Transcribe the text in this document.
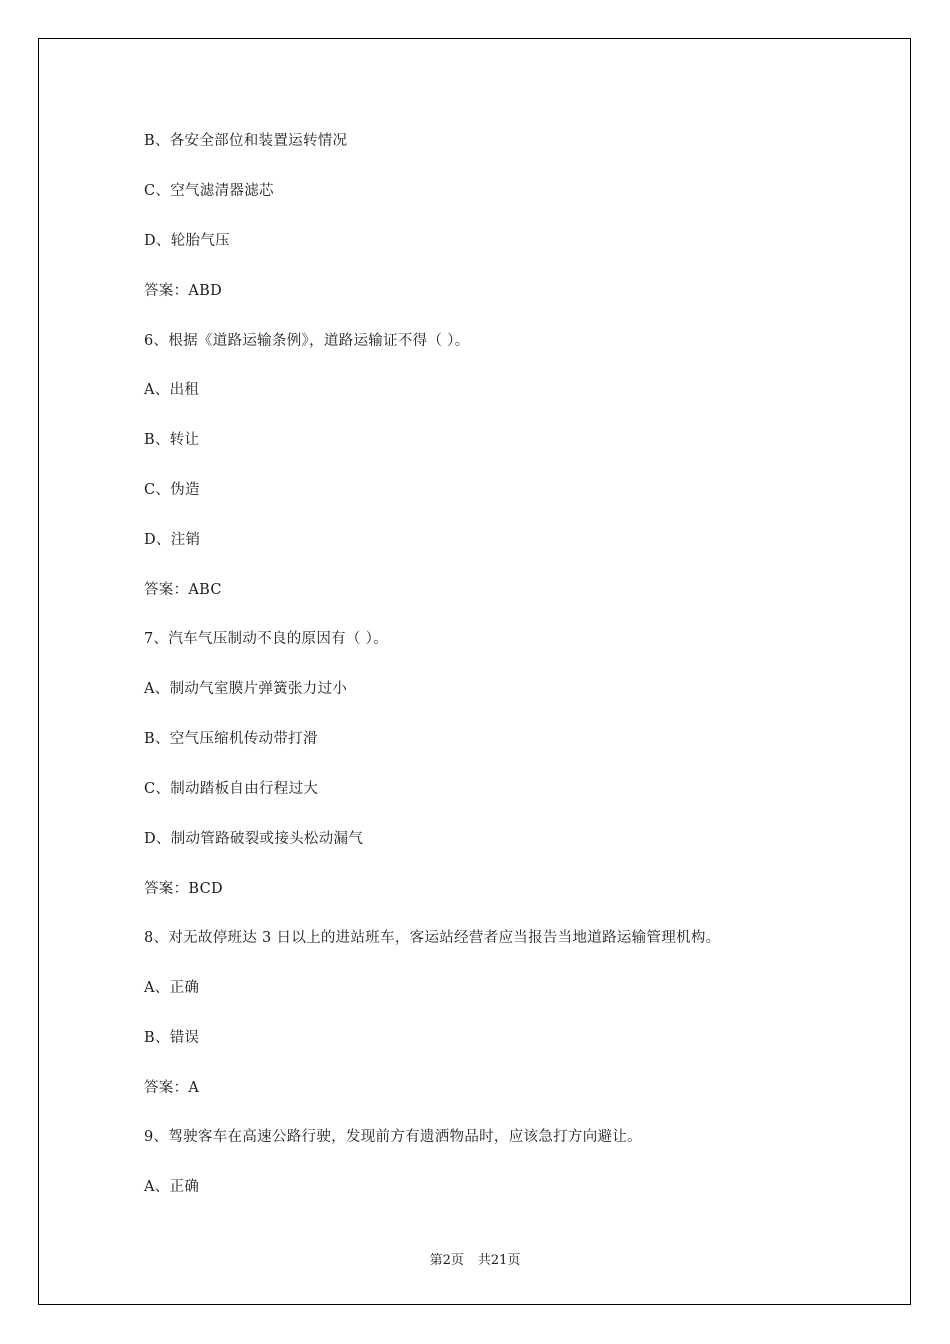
B、各安全部位和装置运转情况
C、空气滤清器滤芯
D、轮胎气压
答案：ABD
6、根据《道路运输条例》，道路运输证不得（ ）。
A、出租
B、转让
C、伪造
D、注销
答案：ABC
7、汽车气压制动不良的原因有（ ）。
A、制动气室膜片弹簧张力过小
B、空气压缩机传动带打滑
C、制动踏板自由行程过大
D、制动管路破裂或接头松动漏气
答案：BCD
8、对无故停班达 3 日以上的进站班车，客运站经营者应当报告当地道路运输管理机构。
A、正确
B、错误
答案：A
9、驾驶客车在高速公路行驶，发现前方有遗洒物品时，应该急打方向避让。
A、正确
第2页 共21页
